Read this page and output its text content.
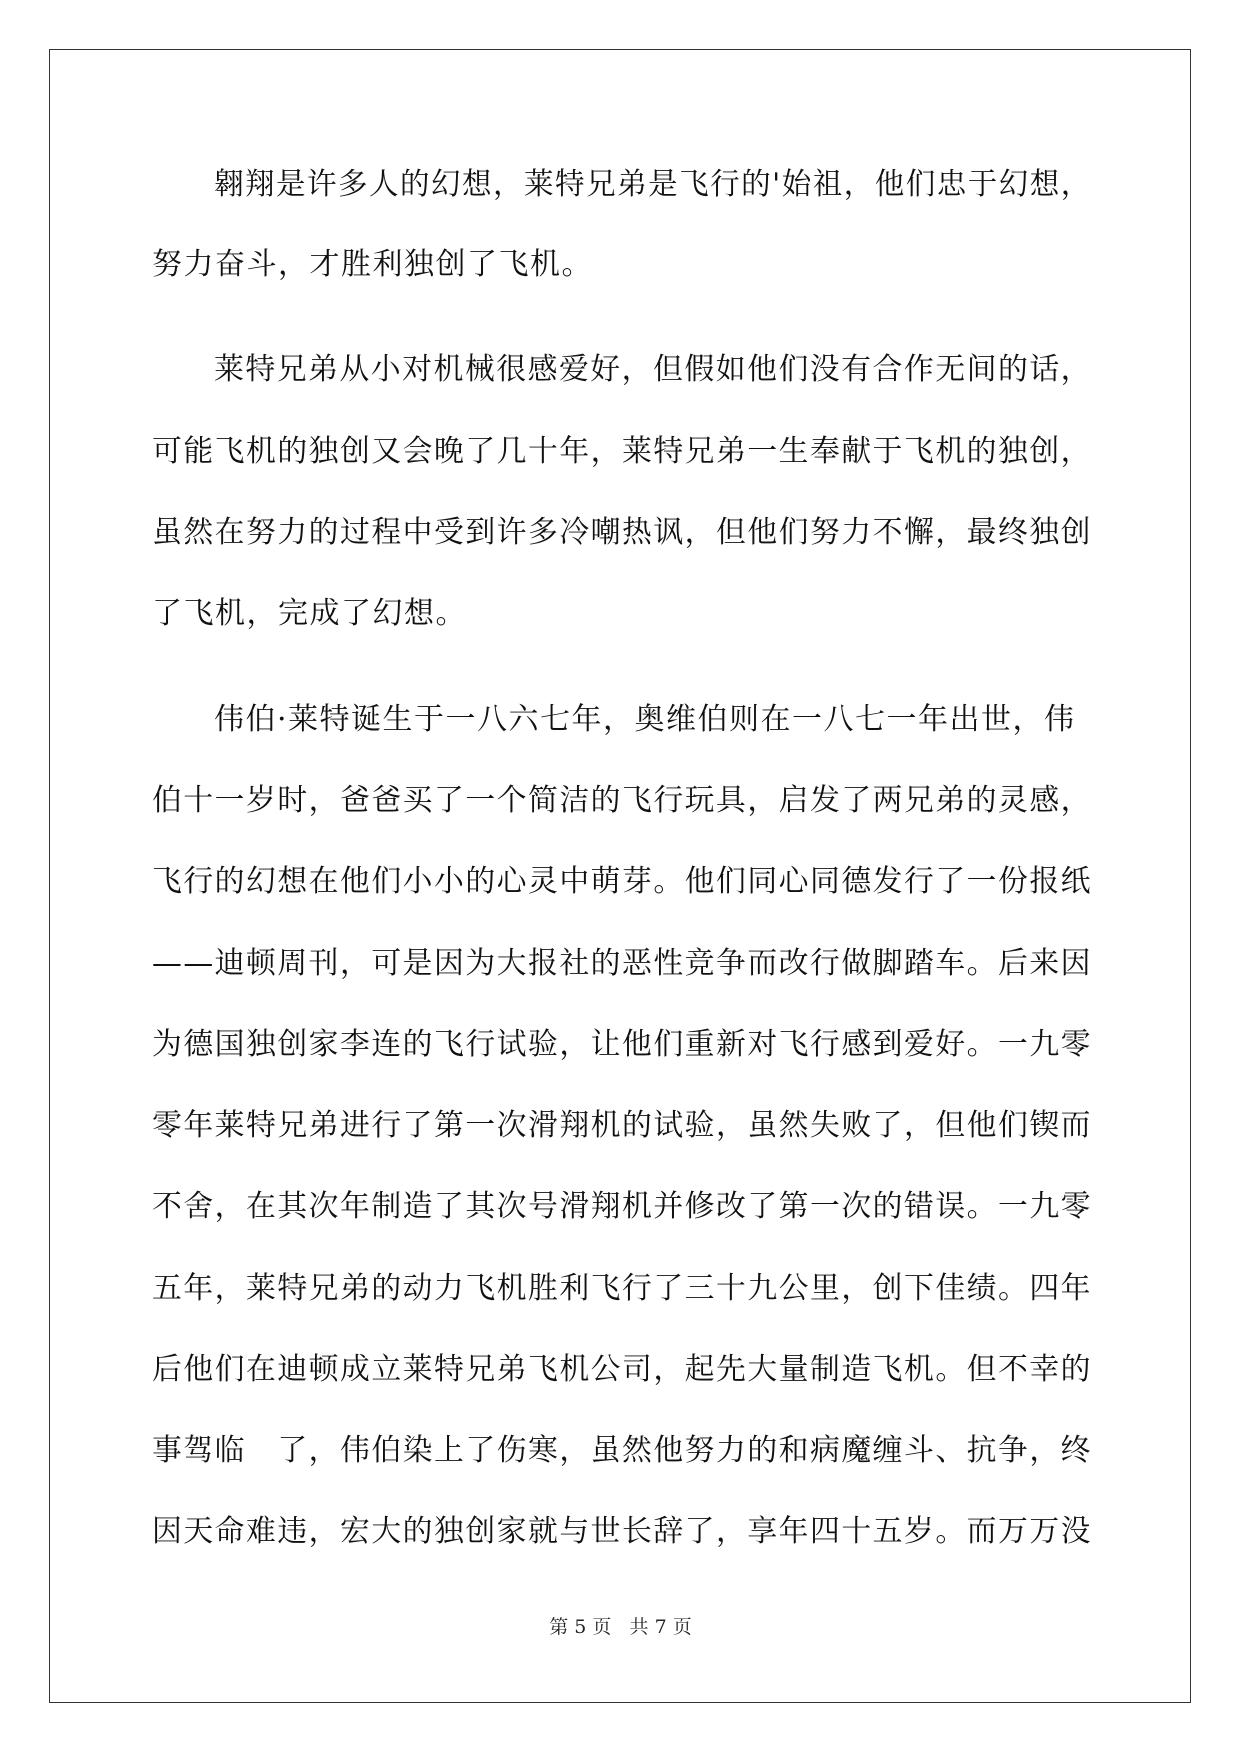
翱翔是许多人的幻想，莱特兄弟是飞行的'始祖，他们忠于幻想，
努力奋斗，才胜利独创了飞机。
莱特兄弟从小对机械很感爱好，但假如他们没有合作无间的话，
可能飞机的独创又会晚了几十年，莱特兄弟一生奉献于飞机的独创，
虽然在努力的过程中受到许多冷嘲热讽，但他们努力不懈，最终独创
了飞机，完成了幻想。
伟伯·莱特诞生于一八六七年，奥维伯则在一八七一年出世，伟
伯十一岁时，爸爸买了一个简洁的飞行玩具，启发了两兄弟的灵感，
飞行的幻想在他们小小的心灵中萌芽。他们同心同德发行了一份报纸
——迪顿周刊，可是因为大报社的恶性竞争而改行做脚踏车。后来因
为德国独创家李连的飞行试验，让他们重新对飞行感到爱好。一九零
零年莱特兄弟进行了第一次滑翔机的试验，虽然失败了，但他们锲而
不舍，在其次年制造了其次号滑翔机并修改了第一次的错误。一九零
五年，莱特兄弟的动力飞机胜利飞行了三十九公里，创下佳绩。四年
后他们在迪顿成立莱特兄弟飞机公司，起先大量制造飞机。但不幸的
事驾临　了，伟伯染上了伤寒，虽然他努力的和病魔缠斗、抗争，终
因天命难违，宏大的独创家就与世长辞了，享年四十五岁。而万万没
第 5 页   共 7 页
